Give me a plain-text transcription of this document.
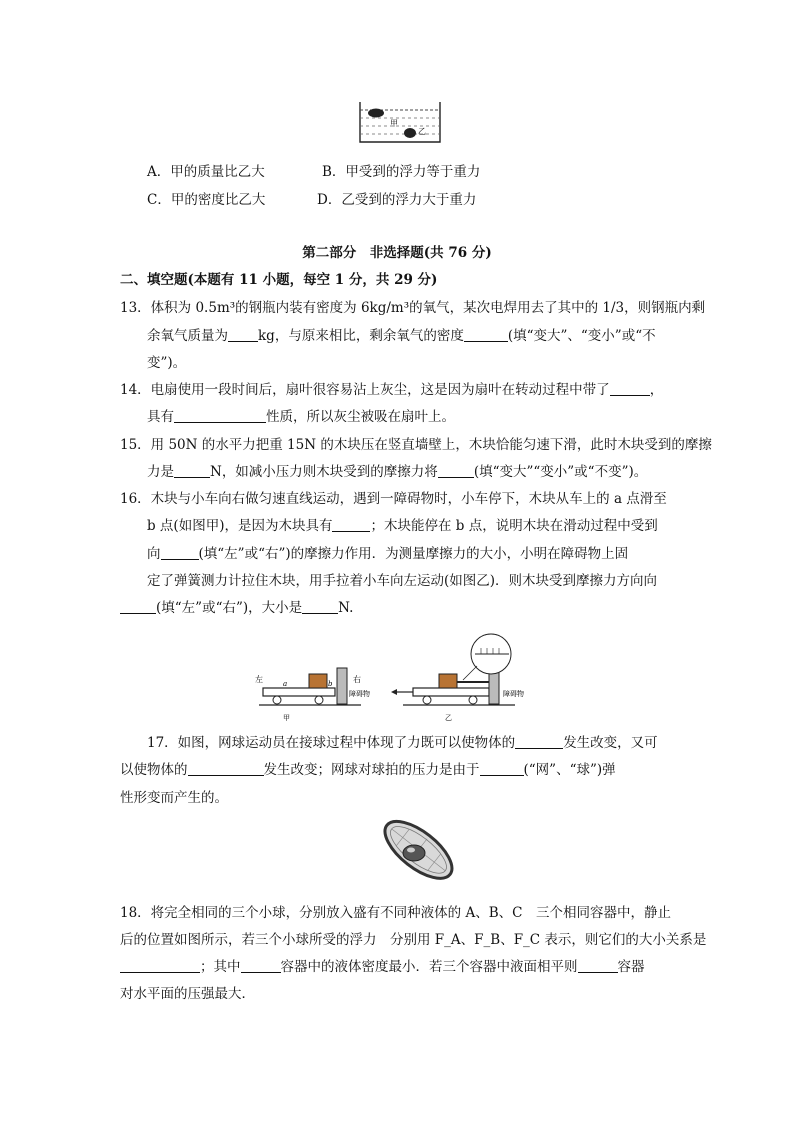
甲
乙
A．甲的质量比乙大	B．甲受到的浮力等于重力
C．甲的密度比乙大	D．乙受到的浮力大于重力
第二部分　非选择题(共 76 分)
二、填空题(本题有 11 小题，每空 1 分，共 29 分)
13．体积为 0.5m³的钢瓶内装有密度为 6kg/m³的氧气，某次电焊用去了其中的 1/3，则钢瓶内剩
余氧气质量为 kg，与原来相比，剩余氧气的密度	(填“变大”、“变小”或“不
变”)。
14．电扇使用一段时间后，扇叶很容易沾上灰尘，这是因为扇叶在转动过程中带了	，
具有	性质，所以灰尘被吸在扇叶上。
15．用 50N 的水平力把重 15N 的木块压在竖直墙壁上，木块恰能匀速下滑，此时木块受到的摩擦
力是	N，如减小压力则木块受到的摩擦力将	(填“变大”“变小”或“不变”)。
16．木块与小车向右做匀速直线运动，遇到一障碍物时，小车停下，木块从车上的 a 点滑至
b 点(如图甲)，是因为木块具有	；木块能停在 b 点，说明木块在滑动过程中受到
向	(填“左”或“右”)的摩擦力作用．为测量摩擦力的大小，小明在障碍物上固
定了弹簧测力计拉住木块，用手拉着小车向左运动(如图乙)．则木块受到摩擦力方向向
(填“左”或“右”)，大小是	N.
左	右
a	b
障碍物
甲
障碍物
乙
17．如图，网球运动员在接球过程中体现了力既可以使物体的	发生改变，又可
以使物体的	发生改变；网球对球拍的压力是由于	(“网”、“球”)弹
性形变而产生的。
18．将完全相同的三个小球，分别放入盛有不同种液体的 A、B、C　三个相同容器中，静止
后的位置如图所示，若三个小球所受的浮力　分别用 F_A、F_B、F_C 表示，则它们的大小关系是
；其中	容器中的液体密度最小．若三个容器中液面相平则	容器
对水平面的压强最大．
